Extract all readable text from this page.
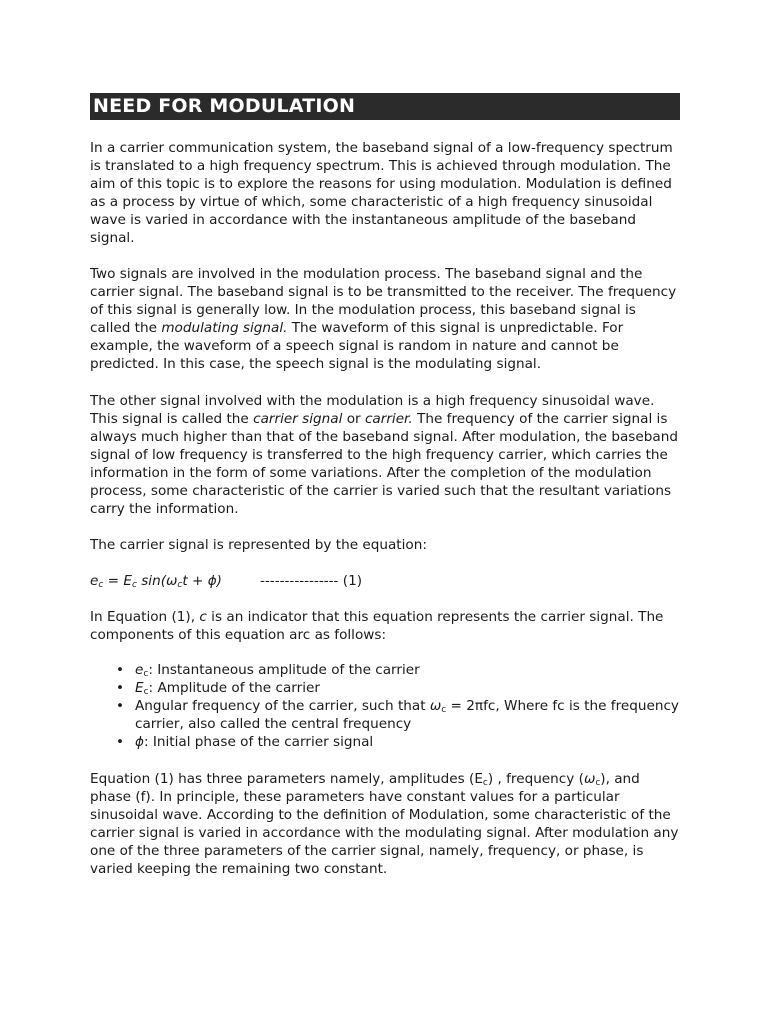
NEED FOR MODULATION

In a carrier communication system, the baseband signal of a low-frequency spectrum is translated to a high frequency spectrum. This is achieved through modulation. The aim of this topic is to explore the reasons for using modulation. Modulation is defined as a process by virtue of which, some characteristic of a high frequency sinusoidal wave is varied in accordance with the instantaneous amplitude of the baseband signal.

Two signals are involved in the modulation process. The baseband signal and the carrier signal. The baseband signal is to be transmitted to the receiver. The frequency of this signal is generally low. In the modulation process, this baseband signal is called the modulating signal. The waveform of this signal is unpredictable. For example, the waveform of a speech signal is random in nature and cannot be predicted. In this case, the speech signal is the modulating signal.

The other signal involved with the modulation is a high frequency sinusoidal wave. This signal is called the carrier signal or carrier. The frequency of the carrier signal is always much higher than that of the baseband signal. After modulation, the baseband signal of low frequency is transferred to the high frequency carrier, which carries the information in the form of some variations. After the completion of the modulation process, some characteristic of the carrier is varied such that the resultant variations carry the information.

The carrier signal is represented by the equation:

$e_c = E_c$ $\sin(\omega_ct + \phi)$	---------------- (1)

In Equation (1), c is an indicator that this equation represents the carrier signal. The components of this equation arc as follows:

• $e_c$: Instantaneous amplitude of the carrier
• $E_c$: Amplitude of the carrier
• Angular frequency of the carrier, such that $\omega_c = 2\pi fc$, Where fc is the frequency carrier, also called the central frequency
• ϕ: Initial phase of the carrier signal

Equation (1) has three parameters namely, amplitudes $(E_c)$ , frequency $(\omega_c)$, and phase (f). In principle, these parameters have constant values for a particular sinusoidal wave. According to the definition of Modulation, some characteristic of the carrier signal is varied in accordance with the modulating signal. After modulation any one of the three parameters of the carrier signal, namely, frequency, or phase, is varied keeping the remaining two constant.
